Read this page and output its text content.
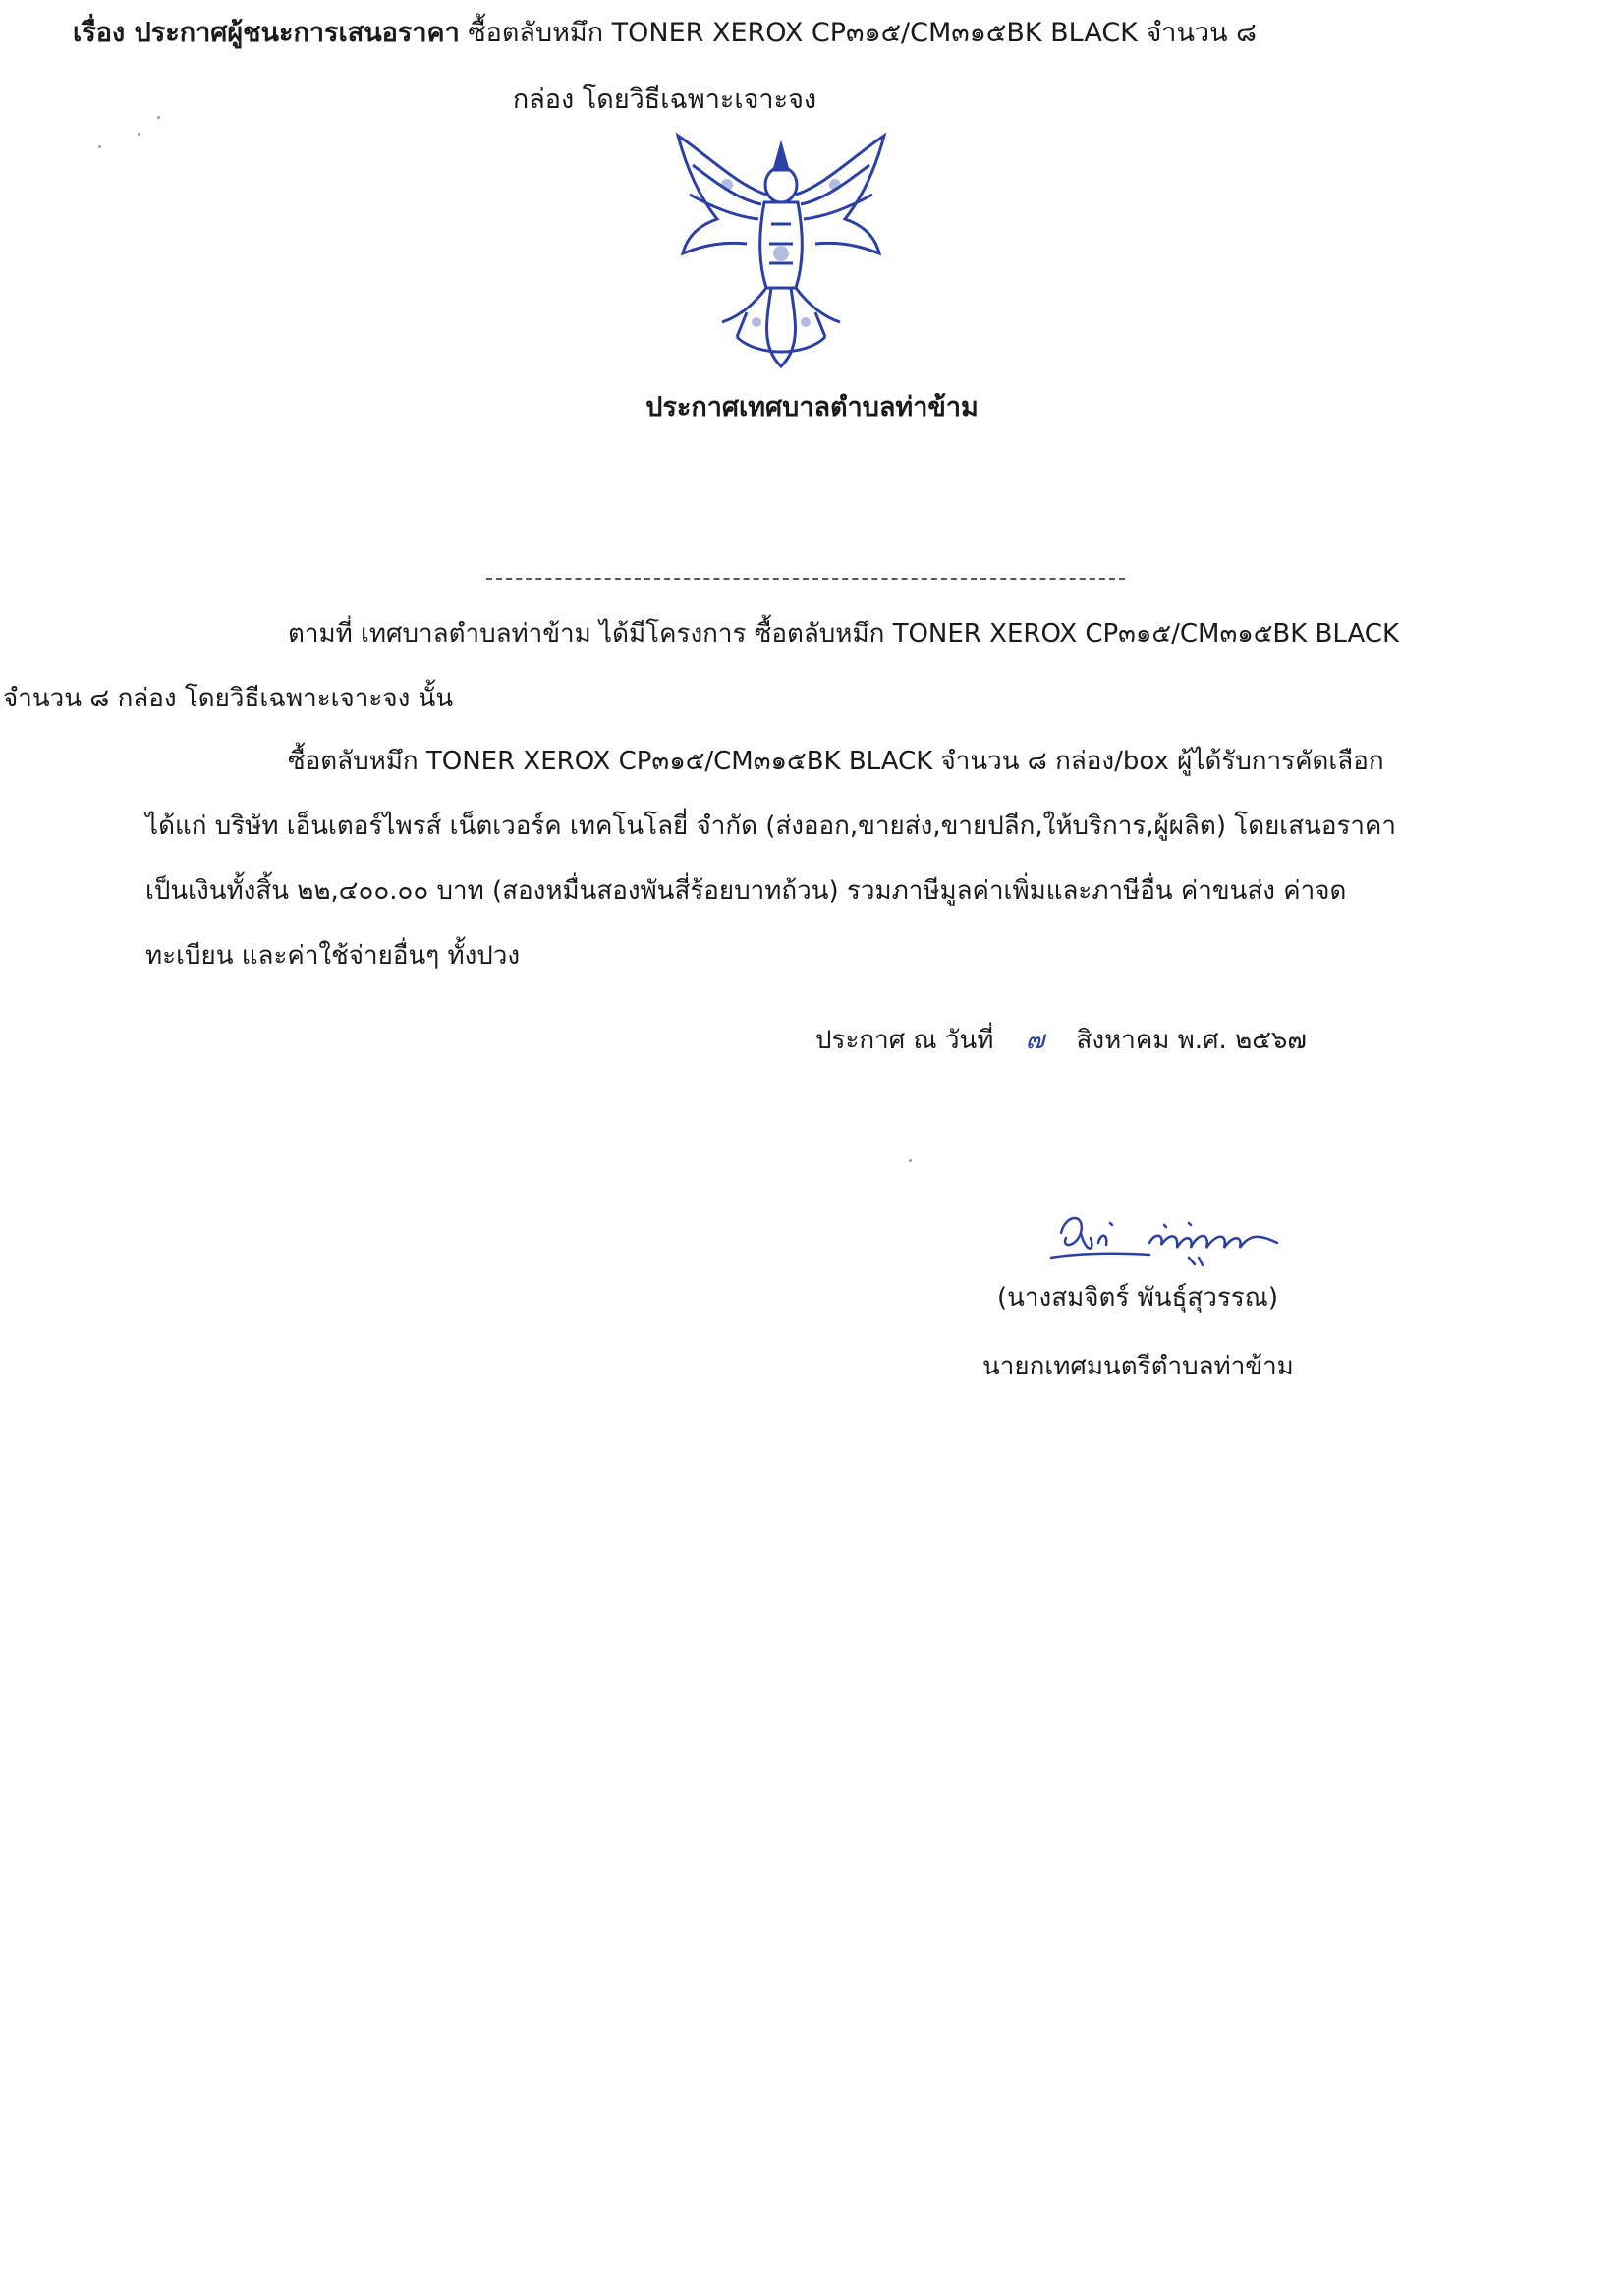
ประกาศเทศบาลตำบลท่าข้าม
เรื่อง ประกาศผู้ชนะการเสนอราคา ซื้อตลับหมึก TONER XEROX CP๓๑๕/CM๓๑๕BK BLACK จำนวน ๘
กล่อง โดยวิธีเฉพาะเจาะจง
ตามที่ เทศบาลตำบลท่าข้าม ได้มีโครงการ ซื้อตลับหมึก TONER XEROX CP๓๑๕/CM๓๑๕BK BLACK
จำนวน ๘ กล่อง โดยวิธีเฉพาะเจาะจง นั้น
ซื้อตลับหมึก TONER XEROX CP๓๑๕/CM๓๑๕BK BLACK จำนวน ๘ กล่อง/box ผู้ได้รับการคัดเลือก
ได้แก่ บริษัท เอ็นเตอร์ไพรส์ เน็ตเวอร์ค เทคโนโลยี่ จำกัด (ส่งออก,ขายส่ง,ขายปลีก,ให้บริการ,ผู้ผลิต) โดยเสนอราคา
เป็นเงินทั้งสิ้น ๒๒,๔๐๐.๐๐ บาท (สองหมื่นสองพันสี่ร้อยบาทถ้วน) รวมภาษีมูลค่าเพิ่มและภาษีอื่น ค่าขนส่ง ค่าจด
ทะเบียน และค่าใช้จ่ายอื่นๆ ทั้งปวง
ประกาศ ณ วันที่ ๗ สิงหาคม พ.ศ. ๒๕๖๗
(นางสมจิตร์ พันธุ์สุวรรณ)
นายกเทศมนตรีตำบลท่าข้าม
